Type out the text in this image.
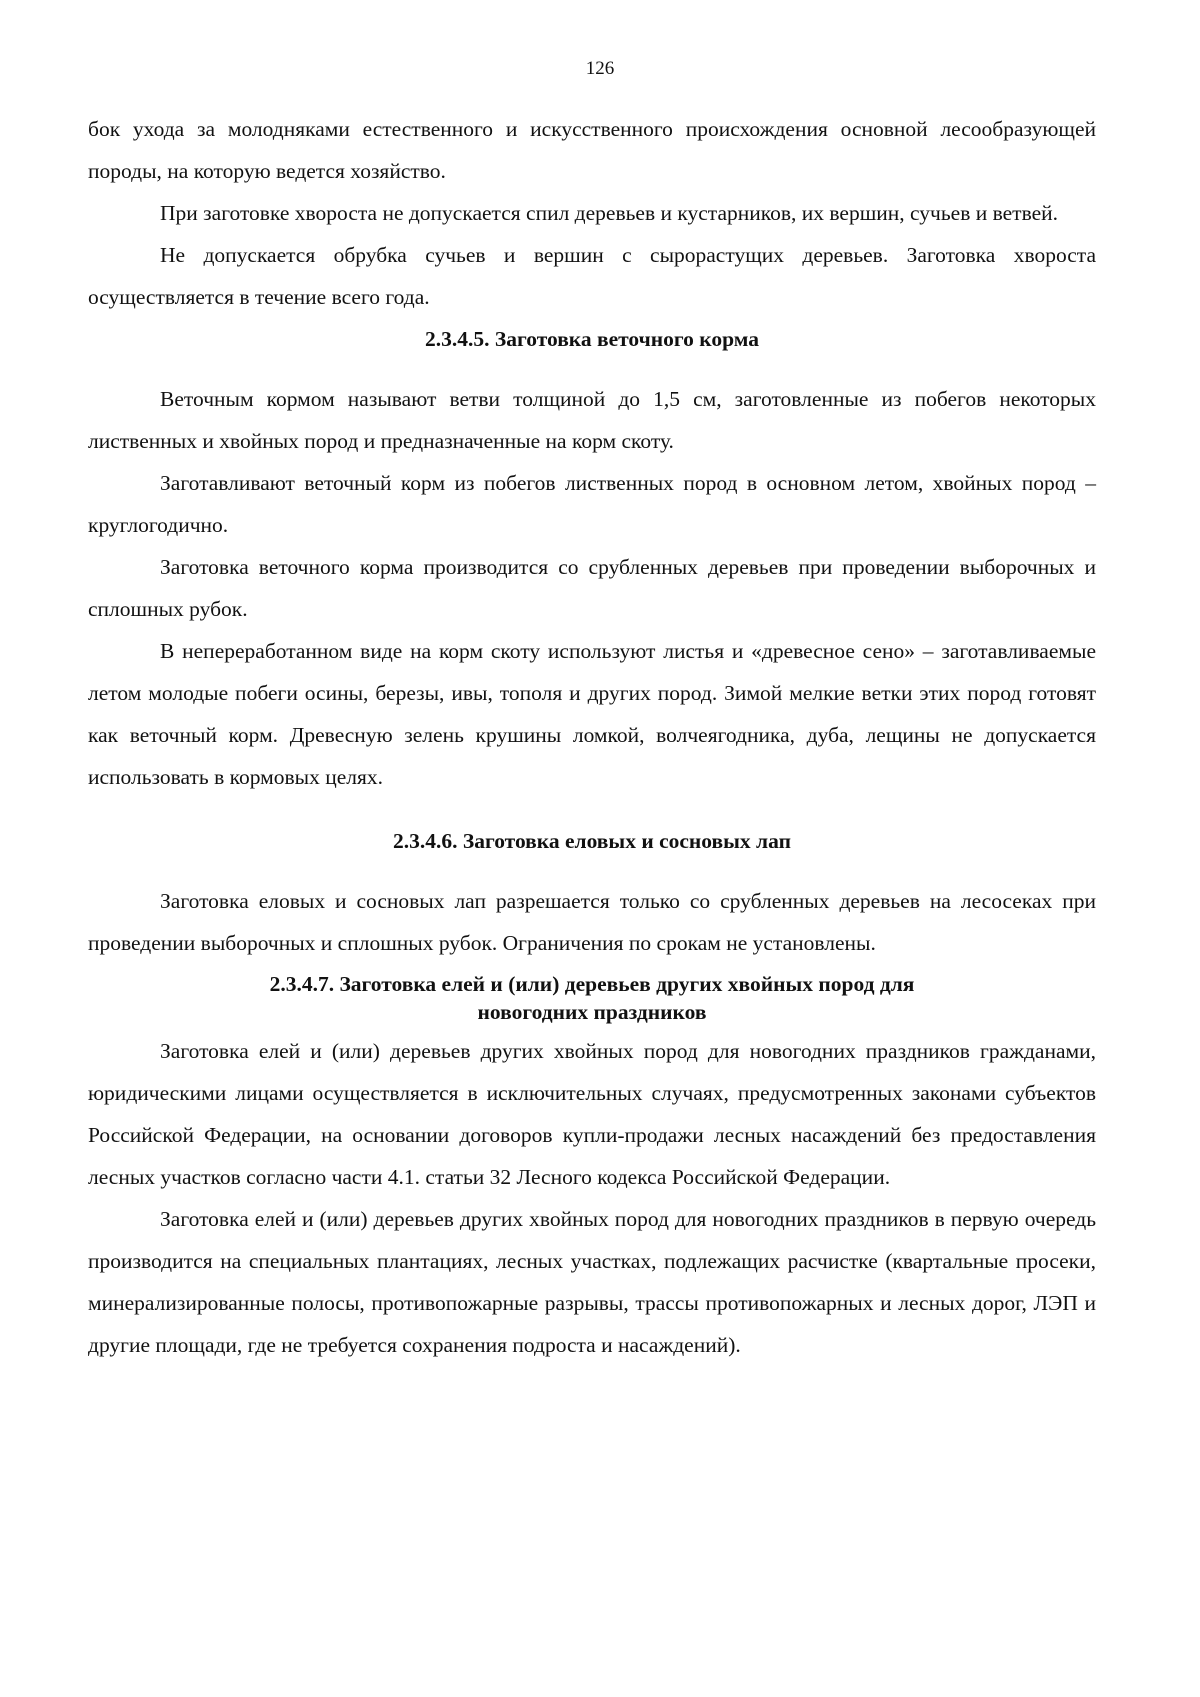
126

бок ухода за молодняками естественного и искусственного происхождения основной лесообразующей породы, на которую ведется хозяйство.

При заготовке хвороста не допускается спил деревьев и кустарников, их вершин, сучьев и ветвей.

Не допускается обрубка сучьев и вершин с сырорастущих деревьев. Заготовка хвороста осуществляется в течение всего года.

2.3.4.5. Заготовка веточного корма

Веточным кормом называют ветви толщиной до 1,5 см, заготовленные из побегов некоторых лиственных и хвойных пород и предназначенные на корм скоту.

Заготавливают веточный корм из побегов лиственных пород в основном летом, хвойных пород – круглогодично.

Заготовка веточного корма производится со срубленных деревьев при проведении выборочных и сплошных рубок.

В непереработанном виде на корм скоту используют листья и «древесное сено» – заготавливаемые летом молодые побеги осины, березы, ивы, тополя и других пород. Зимой мелкие ветки этих пород готовят как веточный корм. Древесную зелень крушины ломкой, волчеягодника, дуба, лещины не допускается использовать в кормовых целях.

2.3.4.6. Заготовка еловых и сосновых лап

Заготовка еловых и сосновых лап разрешается только со срубленных деревьев на лесосеках при проведении выборочных и сплошных рубок. Ограничения по срокам не установлены.

2.3.4.7. Заготовка елей и (или) деревьев других хвойных пород для
новогодних праздников

Заготовка елей и (или) деревьев других хвойных пород для новогодних праздников гражданами, юридическими лицами осуществляется в исключительных случаях, предусмотренных законами субъектов Российской Федерации, на основании договоров купли-продажи лесных насаждений без предоставления лесных участков согласно части 4.1. статьи 32 Лесного кодекса Российской Федерации.

Заготовка елей и (или) деревьев других хвойных пород для новогодних праздников в первую очередь производится на специальных плантациях, лесных участках, подлежащих расчистке (квартальные просеки, минерализированные полосы, противопожарные разрывы, трассы противопожарных и лесных дорог, ЛЭП и другие площади, где не требуется сохранения подроста и насаждений).
